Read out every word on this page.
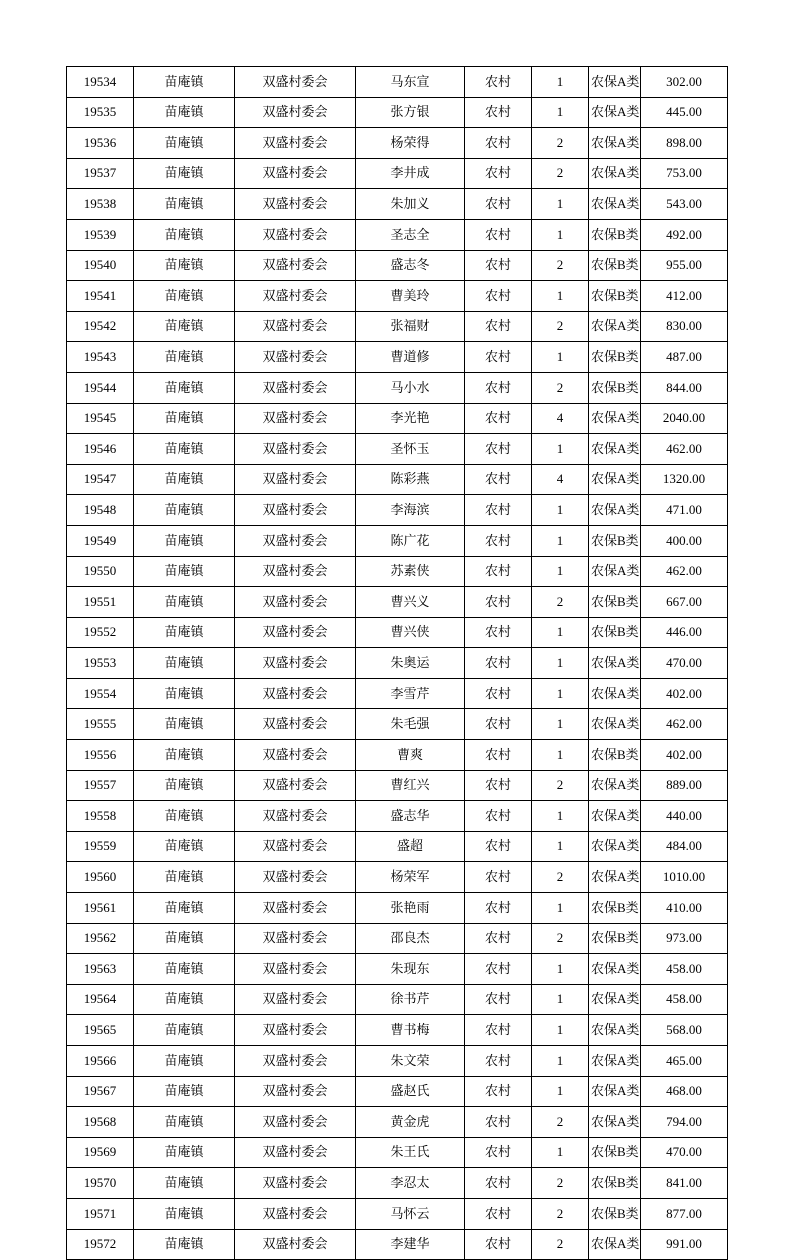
19534	苗庵镇	双盛村委会	马东宣	农村	1	农保A类	302.00
19535	苗庵镇	双盛村委会	张方银	农村	1	农保A类	445.00
19536	苗庵镇	双盛村委会	杨荣得	农村	2	农保A类	898.00
19537	苗庵镇	双盛村委会	李井成	农村	2	农保A类	753.00
19538	苗庵镇	双盛村委会	朱加义	农村	1	农保A类	543.00
19539	苗庵镇	双盛村委会	圣志全	农村	1	农保B类	492.00
19540	苗庵镇	双盛村委会	盛志冬	农村	2	农保B类	955.00
19541	苗庵镇	双盛村委会	曹美玲	农村	1	农保B类	412.00
19542	苗庵镇	双盛村委会	张福财	农村	2	农保A类	830.00
19543	苗庵镇	双盛村委会	曹道修	农村	1	农保B类	487.00
19544	苗庵镇	双盛村委会	马小水	农村	2	农保B类	844.00
19545	苗庵镇	双盛村委会	李光艳	农村	4	农保A类	2040.00
19546	苗庵镇	双盛村委会	圣怀玉	农村	1	农保A类	462.00
19547	苗庵镇	双盛村委会	陈彩燕	农村	4	农保A类	1320.00
19548	苗庵镇	双盛村委会	李海滨	农村	1	农保A类	471.00
19549	苗庵镇	双盛村委会	陈广花	农村	1	农保B类	400.00
19550	苗庵镇	双盛村委会	苏素侠	农村	1	农保A类	462.00
19551	苗庵镇	双盛村委会	曹兴义	农村	2	农保B类	667.00
19552	苗庵镇	双盛村委会	曹兴侠	农村	1	农保B类	446.00
19553	苗庵镇	双盛村委会	朱奥运	农村	1	农保A类	470.00
19554	苗庵镇	双盛村委会	李雪芹	农村	1	农保A类	402.00
19555	苗庵镇	双盛村委会	朱毛强	农村	1	农保A类	462.00
19556	苗庵镇	双盛村委会	曹爽	农村	1	农保B类	402.00
19557	苗庵镇	双盛村委会	曹红兴	农村	2	农保A类	889.00
19558	苗庵镇	双盛村委会	盛志华	农村	1	农保A类	440.00
19559	苗庵镇	双盛村委会	盛超	农村	1	农保A类	484.00
19560	苗庵镇	双盛村委会	杨荣军	农村	2	农保A类	1010.00
19561	苗庵镇	双盛村委会	张艳雨	农村	1	农保B类	410.00
19562	苗庵镇	双盛村委会	邵良杰	农村	2	农保B类	973.00
19563	苗庵镇	双盛村委会	朱现东	农村	1	农保A类	458.00
19564	苗庵镇	双盛村委会	徐书芹	农村	1	农保A类	458.00
19565	苗庵镇	双盛村委会	曹书梅	农村	1	农保A类	568.00
19566	苗庵镇	双盛村委会	朱文荣	农村	1	农保A类	465.00
19567	苗庵镇	双盛村委会	盛赵氏	农村	1	农保A类	468.00
19568	苗庵镇	双盛村委会	黄金虎	农村	2	农保A类	794.00
19569	苗庵镇	双盛村委会	朱王氏	农村	1	农保B类	470.00
19570	苗庵镇	双盛村委会	李忍太	农村	2	农保B类	841.00
19571	苗庵镇	双盛村委会	马怀云	农村	2	农保B类	877.00
19572	苗庵镇	双盛村委会	李建华	农村	2	农保A类	991.00
